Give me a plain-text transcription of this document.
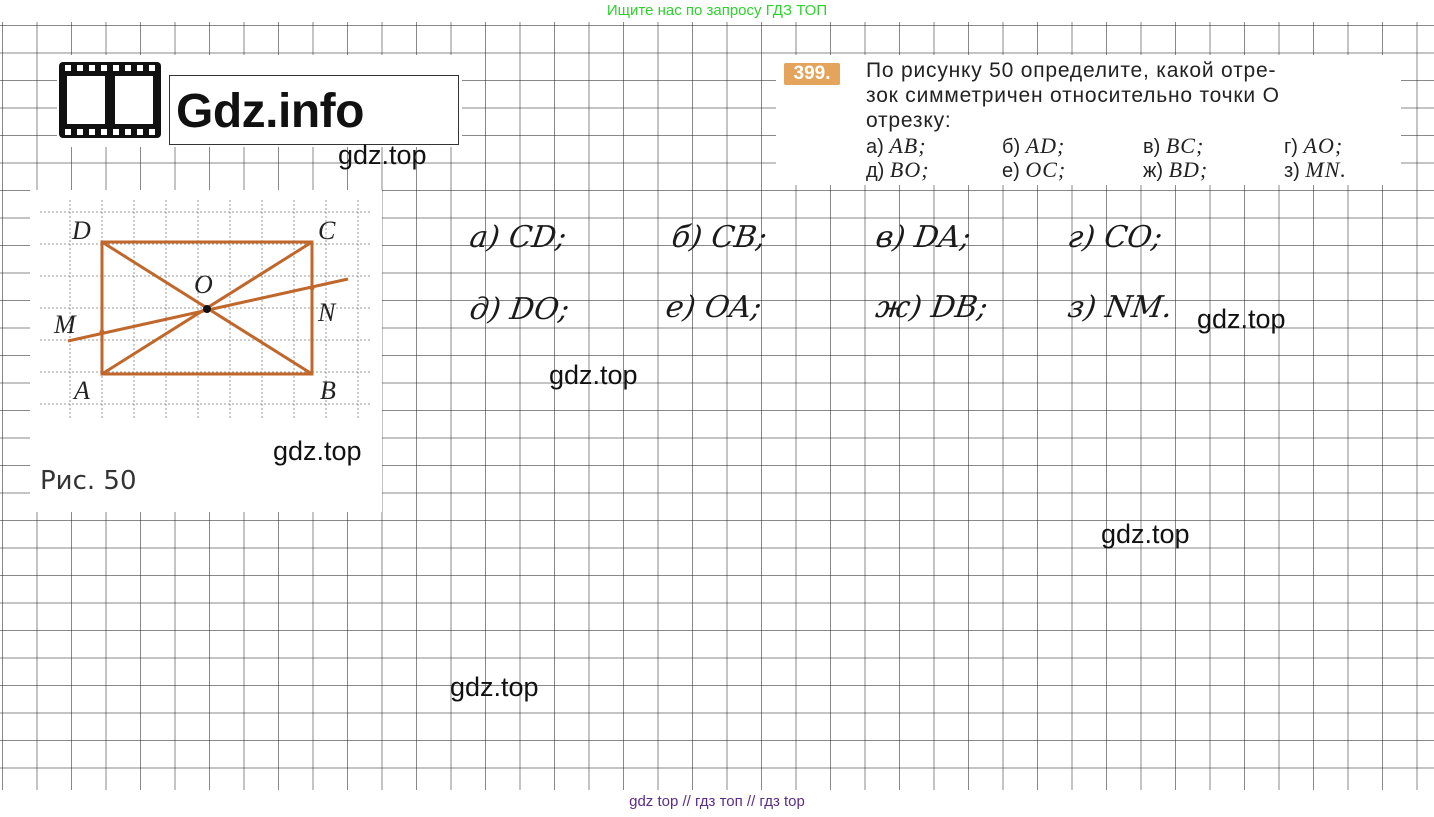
Ищите нас по запросу ГДЗ ТОП
Gdz.info
399.	По рисунку 50 определите, какой отре-
зок симметричен относительно точки O
отрезку:
а) AB;	б) AD;	в) BC;	г) AO;
д) BO;	е) OC;	ж) BD;	з) MN.
D	C
O
M	N
A	B
Рис. 50
а) CD;	б) CB;	в) DA;	г) CO;
д) DO;	е) OA;	ж) DB;	з) NM.
gdz.top
gdz.top
gdz.top
gdz.top
gdz.top
gdz.top
gdz top // гдз топ // гдз top
